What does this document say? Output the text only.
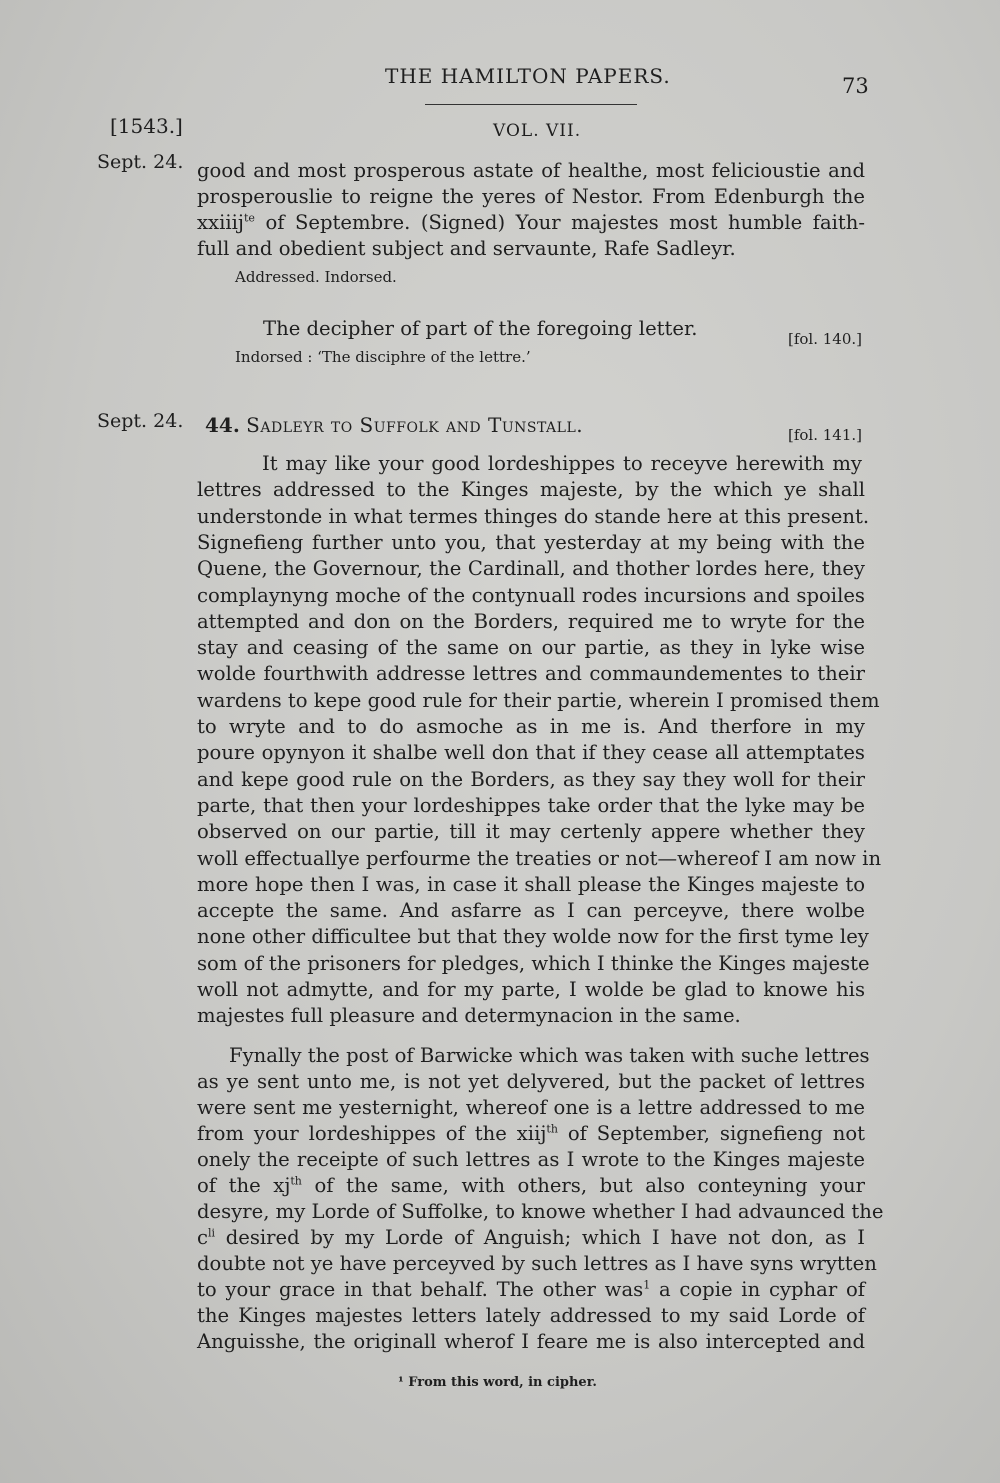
THE HAMILTON PAPERS.	73
[1543.]	VOL. VII.
Sept. 24. good and most prosperous astate of healthe, most felicioustie and
prosperouslie to reigne the yeres of Nestor. From Edenburgh the
xxiiij$^{te}$ of Septembre. (Signed) Your majestes most humble faith-
full and obedient subject and servaunte, Rafe Sadleyr.
Addressed. Indorsed.
The decipher of part of the foregoing letter.	[fol. 140.]
Indorsed : ‘The disciphre of the lettre.’
Sept. 24. 44. Sadleyr to Suffolk and Tunstall.	[fol. 141.]
It may like your good lordeshippes to receyve herewith my
lettres addressed to the Kinges majeste, by the which ye shall
understonde in what termes thinges do stande here at this present.
Signefieng further unto you, that yesterday at my being with the
Quene, the Governour, the Cardinall, and thother lordes here, they
complaynyng moche of the contynuall rodes incursions and spoiles
attempted and don on the Borders, required me to wryte for the
stay and ceasing of the same on our partie, as they in lyke wise
wolde fourthwith addresse lettres and commaundementes to their
wardens to kepe good rule for their partie, wherein I promised them
to wryte and to do asmoche as in me is. And therfore in my
poure opynyon it shalbe well don that if they cease all attemptates
and kepe good rule on the Borders, as they say they woll for their
parte, that then your lordeshippes take order that the lyke may be
observed on our partie, till it may certenly appere whether they
woll effectuallye perfourme the treaties or not—whereof I am now in
more hope then I was, in case it shall please the Kinges majeste to
accepte the same. And asfarre as I can perceyve, there wolbe
none other difficultee but that they wolde now for the first tyme ley
som of the prisoners for pledges, which I thinke the Kinges majeste
woll not admytte, and for my parte, I wolde be glad to knowe his
majestes full pleasure and determynacion in the same.
Fynally the post of Barwicke which was taken with suche lettres
as ye sent unto me, is not yet delyvered, but the packet of lettres
were sent me yesternight, whereof one is a lettre addressed to me
from your lordeshippes of the xiij$^{th}$ of September, signefieng not
onely the receipte of such lettres as I wrote to the Kinges majeste
of the $xj^{th}$ of the same, with others, but also conteyning your
desyre, my Lorde of Suffolke, to knowe whether I had advaunced the
$c^{li}$ desired by my Lorde of Anguish; which I have not don, as I
doubte not ye have perceyved by such lettres as I have syns wrytten
to your grace in that behalf. The other was$^1$ a copie in cyphar of
the Kinges majestes letters lately addressed to my said Lorde of
Anguisshe, the originall wherof I feare me is also intercepted and
¹ From this word, in cipher.
